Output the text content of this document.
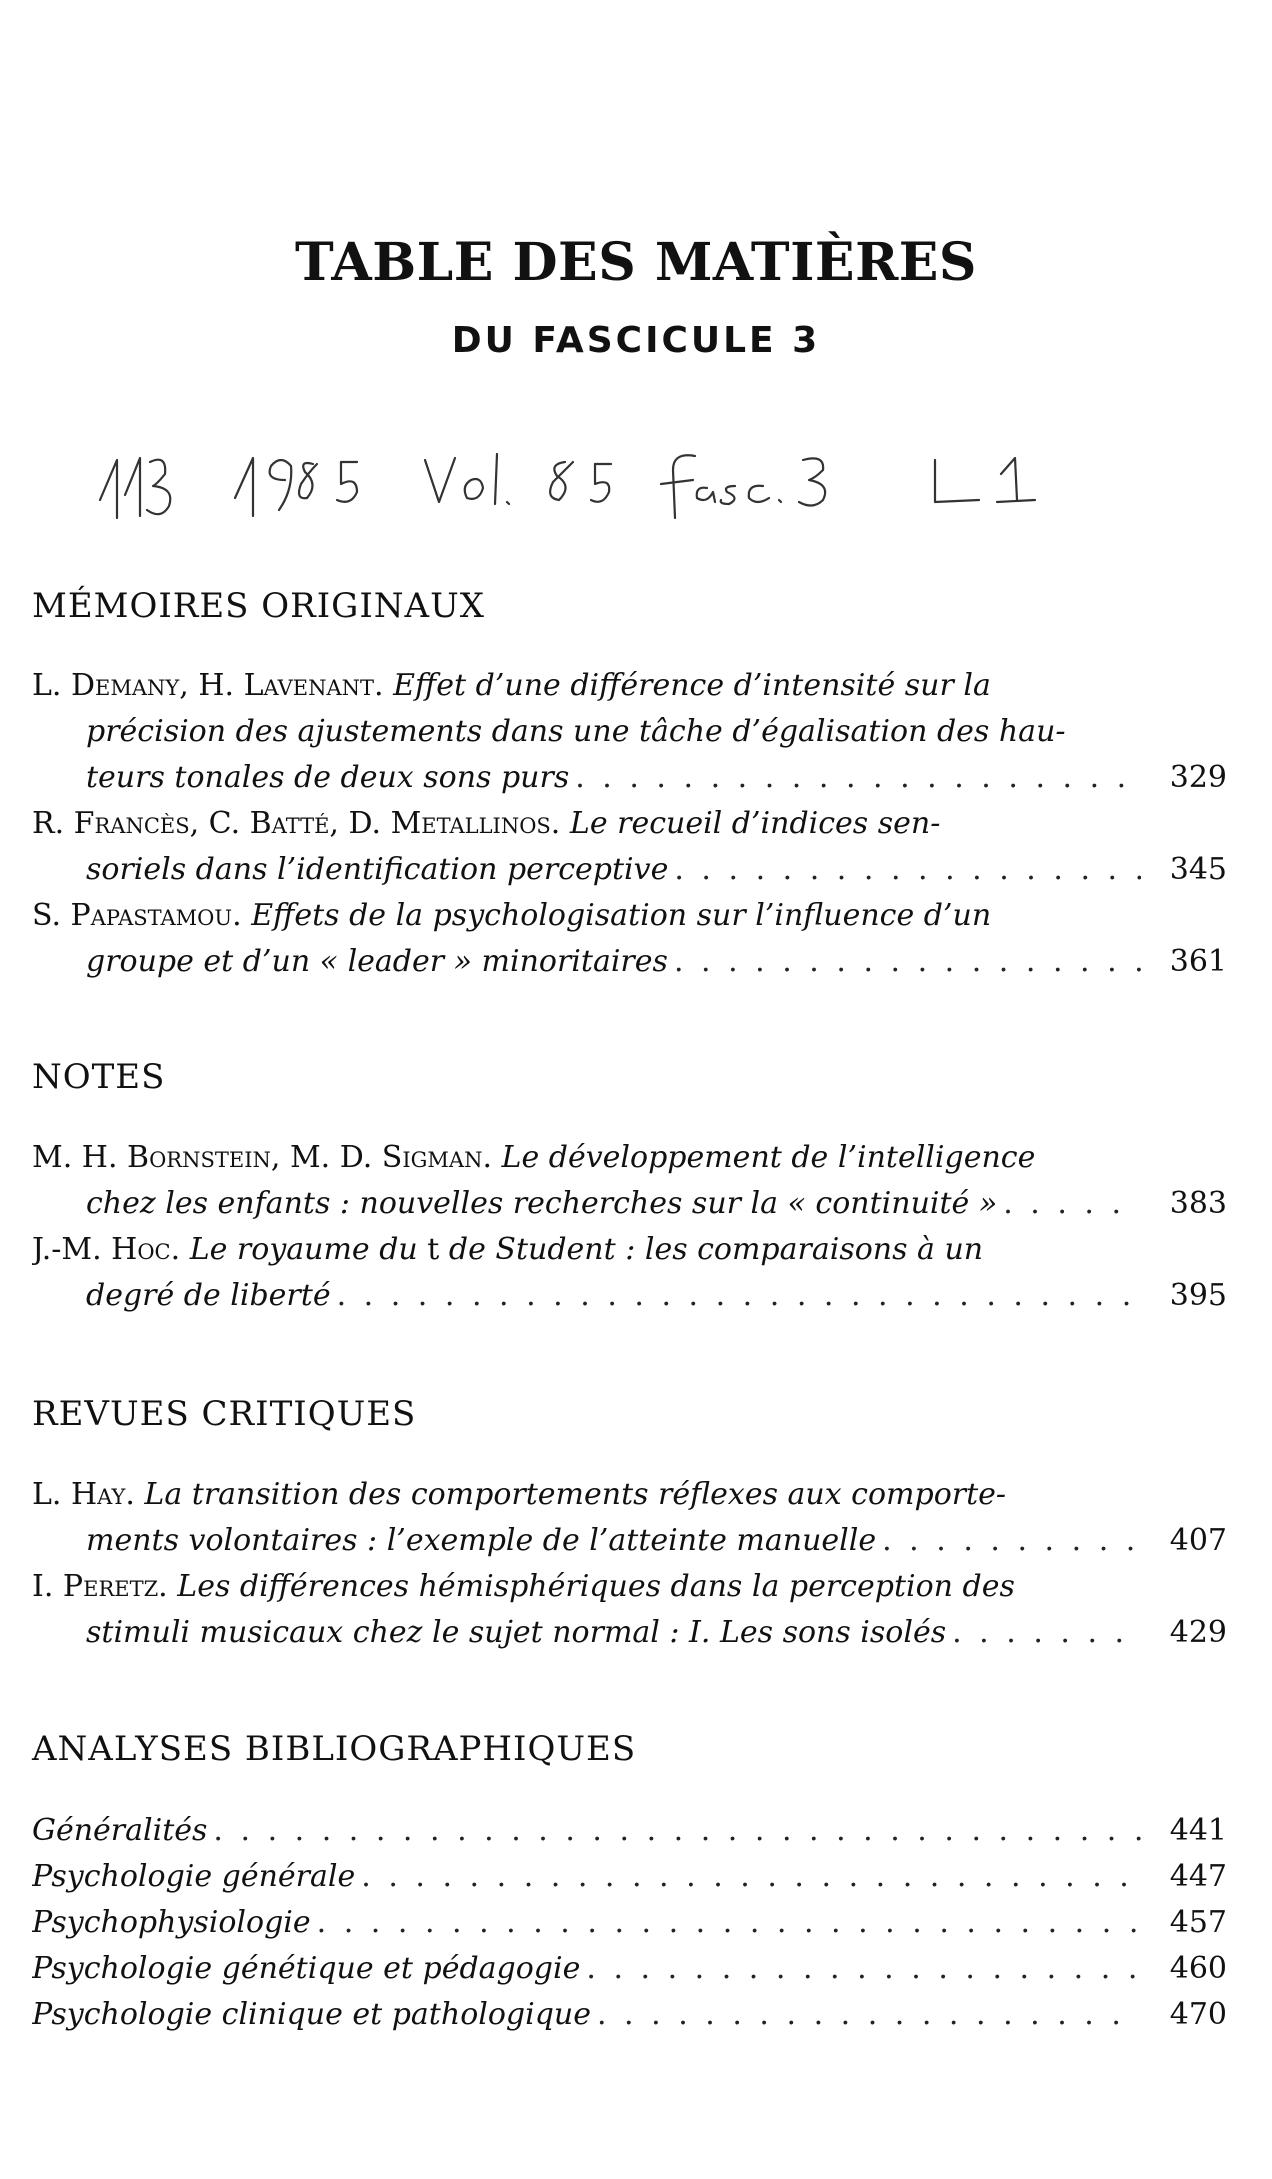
TABLE DES MATIÈRES
DU FASCICULE 3
MÉMOIRES ORIGINAUX
L. Demany, H. Lavenant. Effet d’une différence d’intensité sur la
précision des ajustements dans une tâche d’égalisation des hau-
teurs tonales de deux sons purs . . .	329
R. Francès, C. Batté, D. Metallinos. Le recueil d’indices sen-
soriels dans l’identification perceptive . . .	345
S. Papastamou. Effets de la psychologisation sur l’influence d’un
groupe et d’un « leader » minoritaires . . .	361
NOTES
M. H. Bornstein, M. D. Sigman. Le développement de l’intelligence
chez les enfants : nouvelles recherches sur la « continuité » . . .	383
J.-M. Hoc. Le royaume du t de Student : les comparaisons à un
degré de liberté . . .	395
REVUES CRITIQUES
L. Hay. La transition des comportements réflexes aux comporte-
ments volontaires : l’exemple de l’atteinte manuelle . . .	407
I. Peretz. Les différences hémisphériques dans la perception des
stimuli musicaux chez le sujet normal : I. Les sons isolés . . .	429
ANALYSES BIBLIOGRAPHIQUES
Généralités . . .	441
Psychologie générale . . .	447
Psychophysiologie . . .	457
Psychologie génétique et pédagogie . . .	460
Psychologie clinique et pathologique . . .	470
